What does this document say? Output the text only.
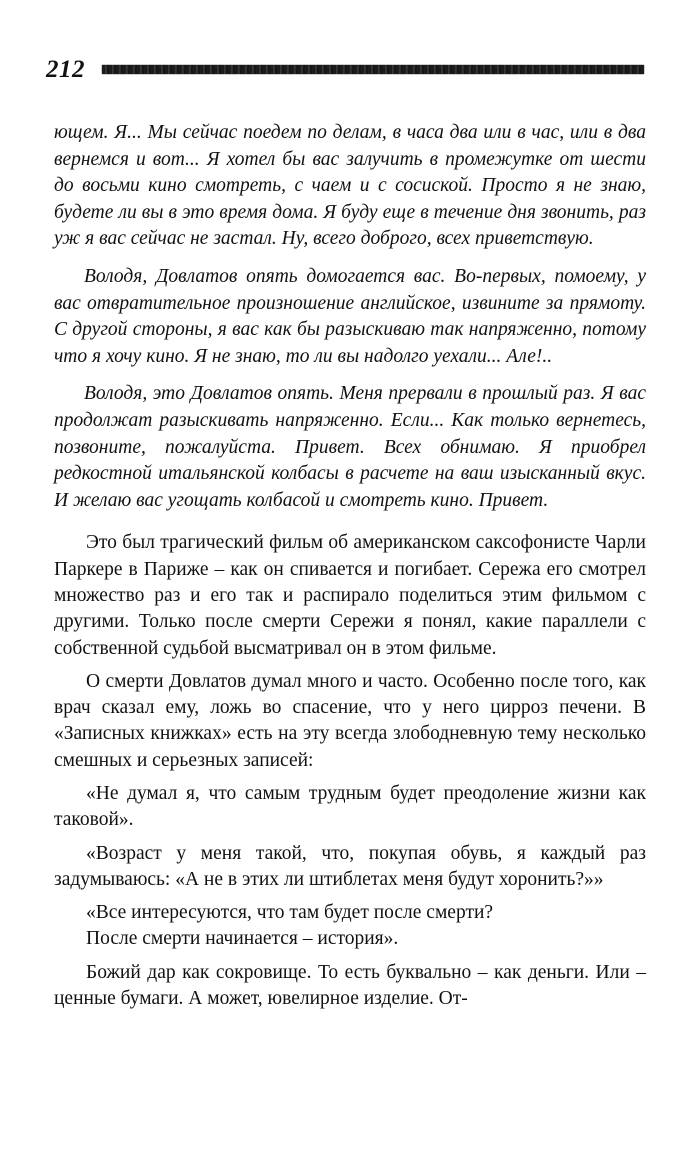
212

ющем. Я... Мы сейчас поедем по делам, в часа два или в час, или в два вернемся и вот... Я хотел бы вас залучить в промежутке от шести до восьми кино смотреть, с чаем и с сосиской. Просто я не знаю, будете ли вы в это время дома. Я буду еще в течение дня звонить, раз уж я вас сейчас не застал. Ну, всего доброго, всех приветствую.

Володя, Довлатов опять домогается вас. Во-первых, помоему, у вас отвратительное произношение английское, извините за прямоту. С другой стороны, я вас как бы разыскиваю так напряженно, потому что я хочу кино. Я не знаю, то ли вы надолго уехали... Але!..

Володя, это Довлатов опять. Меня прервали в прошлый раз. Я вас продолжат разыскивать напряженно. Если... Как только вернетесь, позвоните, пожалуйста. Привет. Всех обнимаю. Я приобрел редкостной итальянской колбасы в расчете на ваш изысканный вкус. И желаю вас угощать колбасой и смотреть кино. Привет.

Это был трагический фильм об американском саксофонисте Чарли Паркере в Париже – как он спивается и погибает. Сережа его смотрел множество раз и его так и распирало поделиться этим фильмом с другими. Только после смерти Сережи я понял, какие параллели с собственной судьбой высматривал он в этом фильме.

О смерти Довлатов думал много и часто. Особенно после того, как врач сказал ему, ложь во спасение, что у него цирроз печени. В «Записных книжках» есть на эту всегда злободневную тему несколько смешных и серьезных записей:

«Не думал я, что самым трудным будет преодоление жизни как таковой».

«Возраст у меня такой, что, покупая обувь, я каждый раз задумываюсь: «А не в этих ли штиблетах меня будут хоронить?»»

«Все интересуются, что там будет после смерти?

После смерти начинается – история».

Божий дар как сокровище. То есть буквально – как деньги. Или – ценные бумаги. А может, ювелирное изделие. От-
